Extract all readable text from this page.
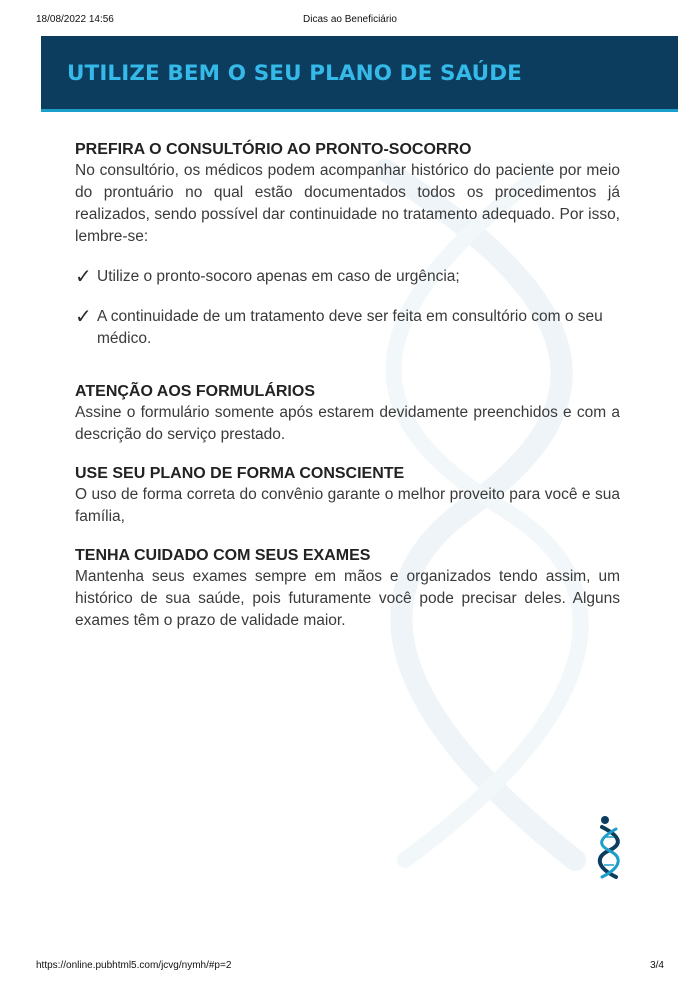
18/08/2022 14:56	Dicas ao Beneficiário
UTILIZE BEM O SEU PLANO DE SAÚDE
PREFIRA O CONSULTÓRIO AO PRONTO-SOCORRO
No consultório, os médicos podem acompanhar histórico do paciente por meio do prontuário no qual estão documentados todos os procedimentos já realizados, sendo possível dar continuidade no tratamento adequado. Por isso, lembre-se:
✓ Utilize o pronto-socoro apenas em caso de urgência;
✓ A continuidade de um tratamento deve ser feita em consultório com o seu médico.
ATENÇÃO AOS FORMULÁRIOS
Assine o formulário somente após estarem devidamente preenchidos e com a descrição do serviço prestado.
USE SEU PLANO DE FORMA CONSCIENTE
O uso de forma correta do convênio garante o melhor proveito para você e sua família,
TENHA CUIDADO COM SEUS EXAMES
Mantenha seus exames sempre em mãos e organizados tendo assim, um histórico de sua saúde, pois futuramente você pode precisar deles. Alguns exames têm o prazo de validade maior.
https://online.pubhtml5.com/jcvg/nymh/#p=2	3/4
